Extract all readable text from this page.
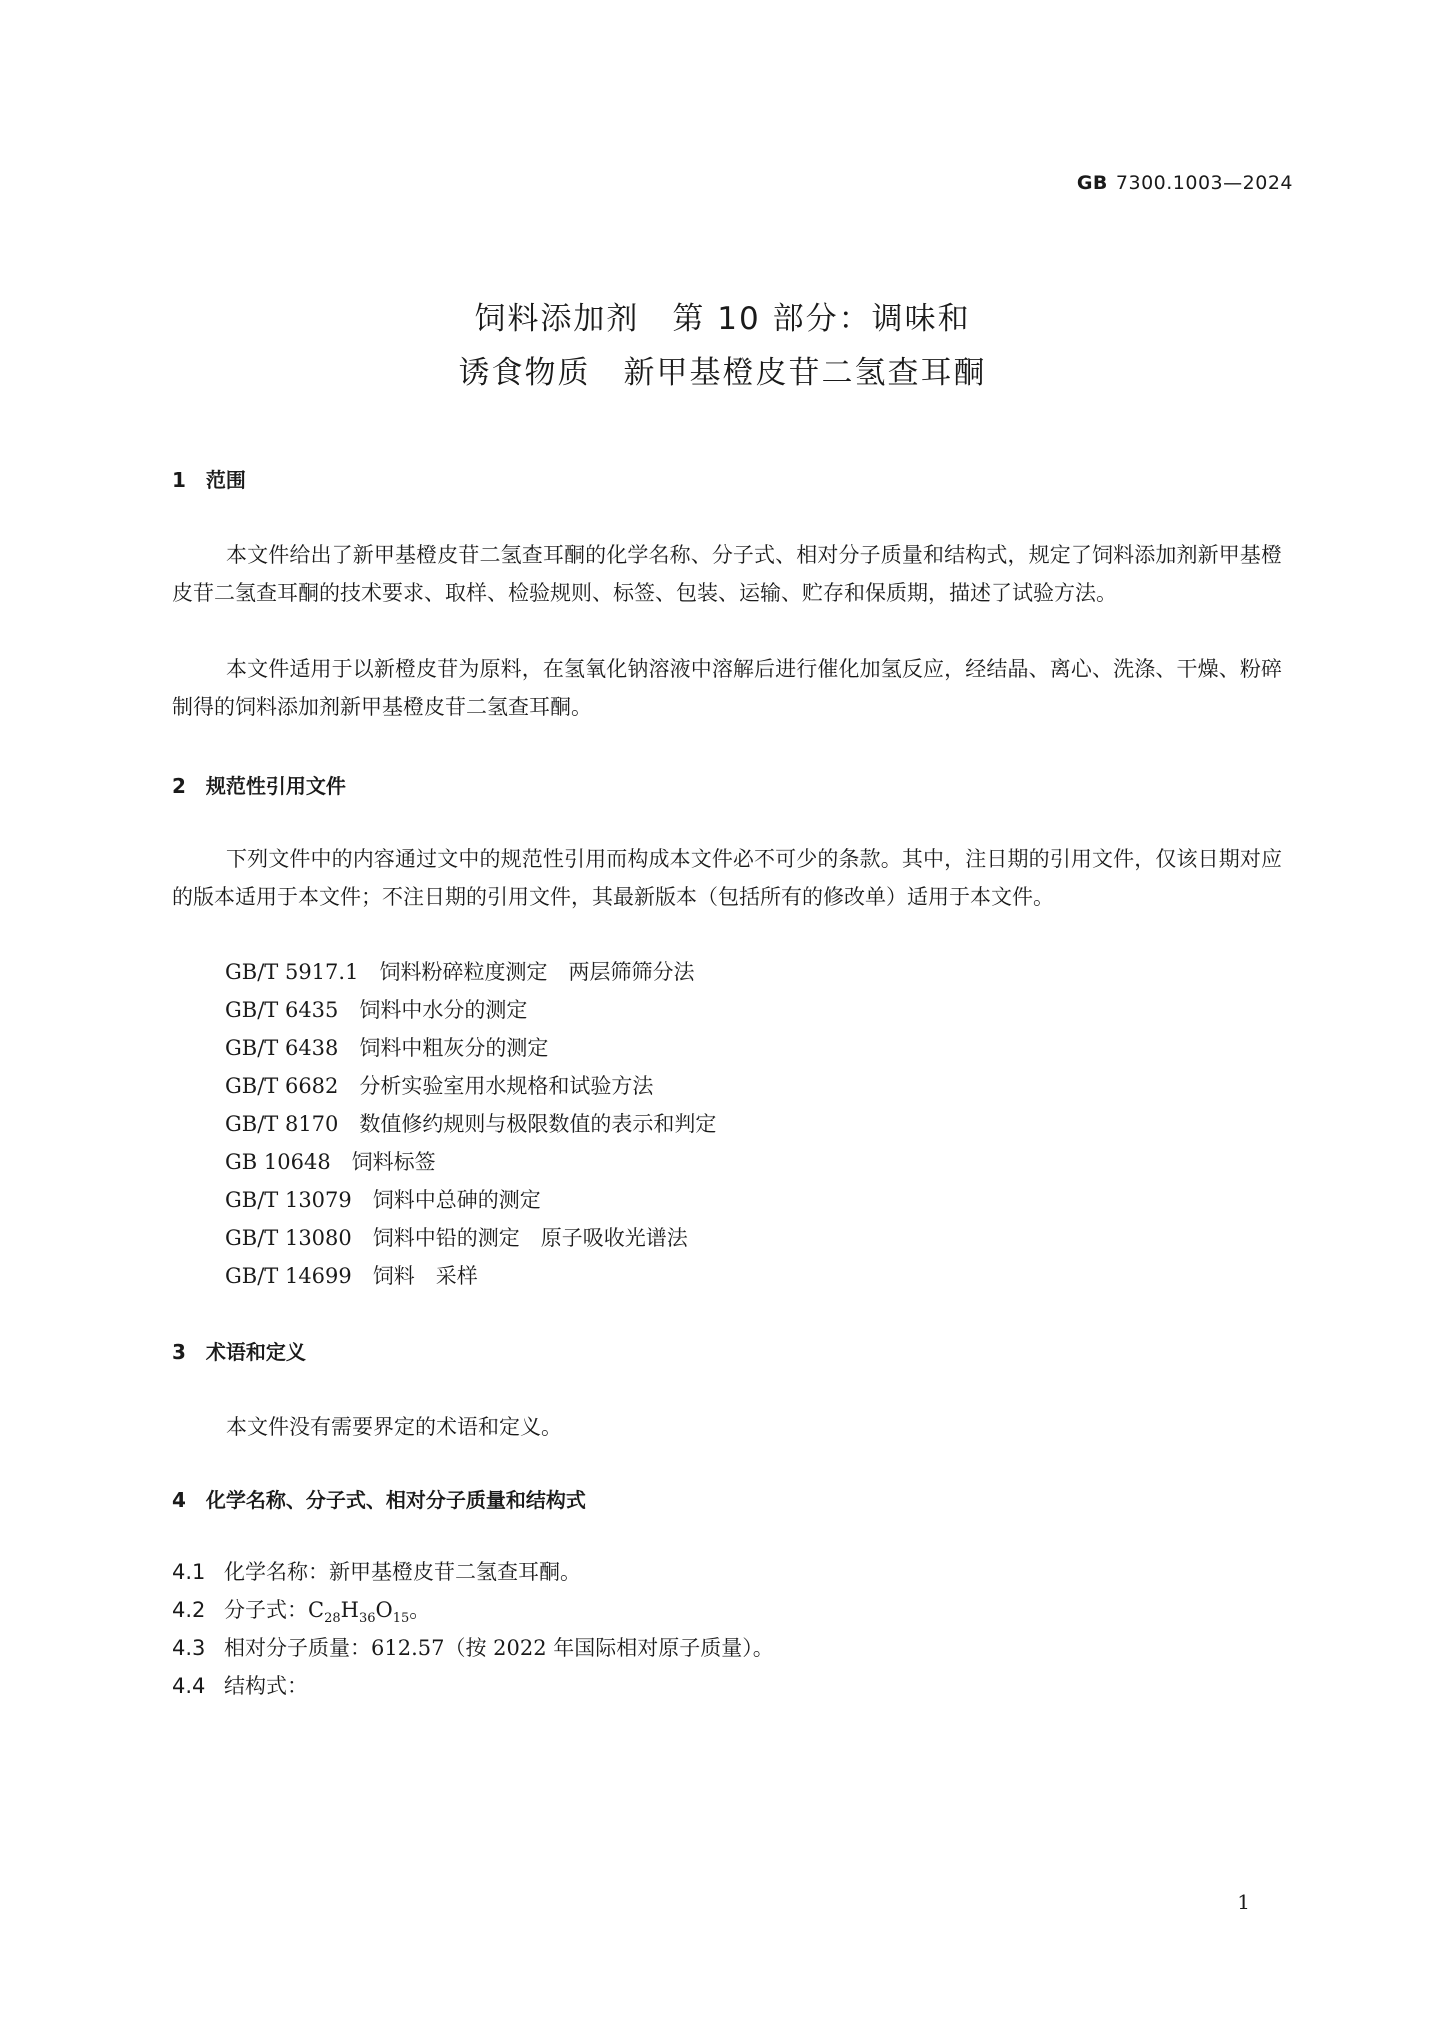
GB 7300.1003—2024
饲料添加剂　第 10 部分：调味和
诱食物质　新甲基橙皮苷二氢查耳酮
1　范围
本文件给出了新甲基橙皮苷二氢查耳酮的化学名称、分子式、相对分子质量和结构式，规定了饲料添加剂新甲基橙皮苷二氢查耳酮的技术要求、取样、检验规则、标签、包装、运输、贮存和保质期，描述了试验方法。
本文件适用于以新橙皮苷为原料，在氢氧化钠溶液中溶解后进行催化加氢反应，经结晶、离心、洗涤、干燥、粉碎制得的饲料添加剂新甲基橙皮苷二氢查耳酮。
2　规范性引用文件
下列文件中的内容通过文中的规范性引用而构成本文件必不可少的条款。其中，注日期的引用文件，仅该日期对应的版本适用于本文件；不注日期的引用文件，其最新版本（包括所有的修改单）适用于本文件。
GB/T 5917.1　饲料粉碎粒度测定　两层筛筛分法
GB/T 6435　饲料中水分的测定
GB/T 6438　饲料中粗灰分的测定
GB/T 6682　分析实验室用水规格和试验方法
GB/T 8170　数值修约规则与极限数值的表示和判定
GB 10648　饲料标签
GB/T 13079　饲料中总砷的测定
GB/T 13080　饲料中铅的测定　原子吸收光谱法
GB/T 14699　饲料　采样
3　术语和定义
本文件没有需要界定的术语和定义。
4　化学名称、分子式、相对分子质量和结构式
4.1 化学名称：新甲基橙皮苷二氢查耳酮。
4.2 分子式：$C_{28}H_{36}O_{15}$。
4.3 相对分子质量：612.57（按 2022 年国际相对原子质量）。
4.4 结构式：
1
